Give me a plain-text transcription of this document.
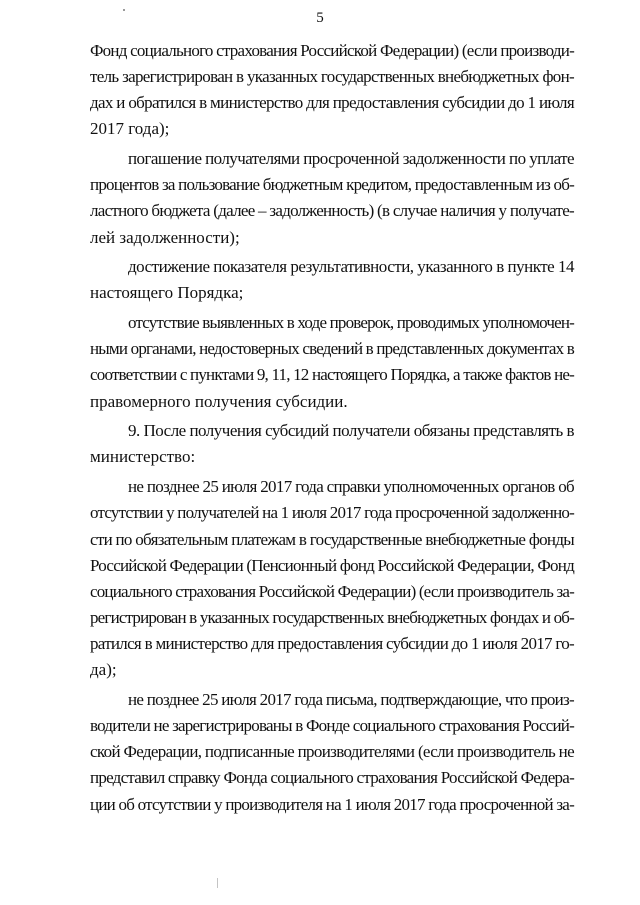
5
Фонд социального страхования Российской Федерации) (если производи-
тель зарегистрирован в указанных государственных внебюджетных фон-
дах и обратился в министерство для предоставления субсидии до 1 июля
2017 года);
погашение получателями просроченной задолженности по уплате
процентов за пользование бюджетным кредитом, предоставленным из об-
ластного бюджета (далее – задолженность) (в случае наличия у получате-
лей задолженности);
достижение показателя результативности, указанного в пункте 14
настоящего Порядка;
отсутствие выявленных в ходе проверок, проводимых уполномочен-
ными органами, недостоверных сведений в представленных документах в
соответствии с пунктами 9, 11, 12 настоящего Порядка, а также фактов не-
правомерного получения субсидии.
9. После получения субсидий получатели обязаны представлять в
министерство:
не позднее 25 июля 2017 года справки уполномоченных органов об
отсутствии у получателей на 1 июля 2017 года просроченной задолженно-
сти по обязательным платежам в государственные внебюджетные фонды
Российской Федерации (Пенсионный фонд Российской Федерации, Фонд
социального страхования Российской Федерации) (если производитель за-
регистрирован в указанных государственных внебюджетных фондах и об-
ратился в министерство для предоставления субсидии до 1 июля 2017 го-
да);
не позднее 25 июля 2017 года письма, подтверждающие, что произ-
водители не зарегистрированы в Фонде социального страхования Россий-
ской Федерации, подписанные производителями (если производитель не
представил справку Фонда социального страхования Российской Федера-
ции об отсутствии у производителя на 1 июля 2017 года просроченной за-
